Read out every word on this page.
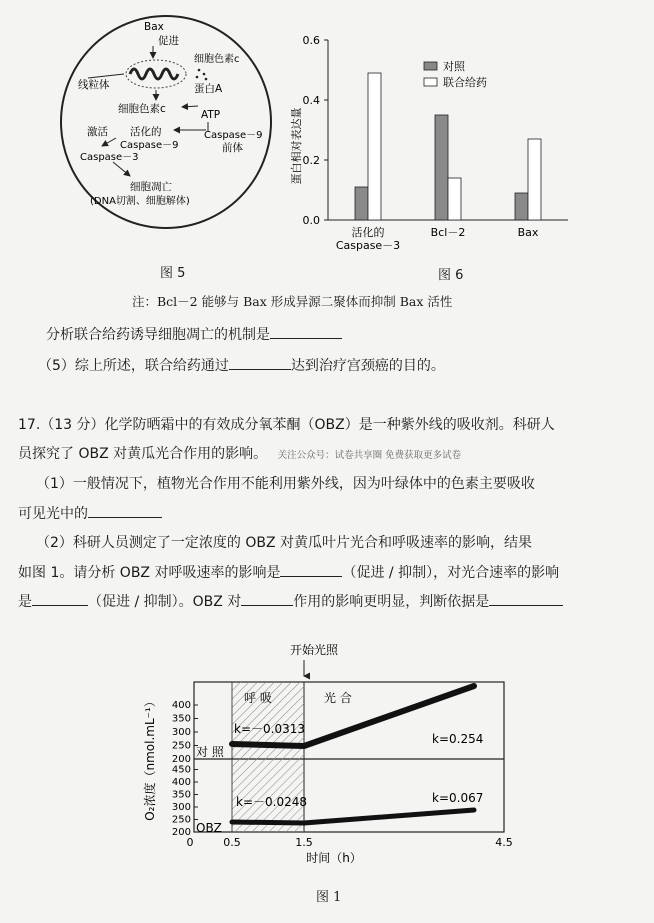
Bax
促进
细胞色素c
线粒体	蛋白A
细胞色素c	ATP
激活 活化的
Caspase－9
Caspase－9
前体
Caspase－3
细胞凋亡
(DNA切割、细胞解体)
图 5
蛋白相对表达量
0.0
0.2
0.4
0.6
活化的
Caspase－3
Bcl－2	Bax
对照
联合给药
图 6
注：Bcl－2 能够与 Bax 形成异源二聚体而抑制 Bax 活性
分析联合给药诱导细胞凋亡的机制是
（5）综上所述，联合给药通过	达到治疗宫颈癌的目的。
17.（13 分）化学防晒霜中的有效成分氧苯酮（OBZ）是一种紫外线的吸收剂。科研人
员探究了 OBZ 对黄瓜光合作用的影响。 关注公众号：试卷共享圈 免费获取更多试卷
（1）一般情况下，植物光合作用不能利用紫外线，因为叶绿体中的色素主要吸收
可见光中的
（2）科研人员测定了一定浓度的 OBZ 对黄瓜叶片光合和呼吸速率的影响，结果
如图 1。请分析 OBZ 对呼吸速率的影响是	（促进 / 抑制），对光合速率的影响
是	（促进 / 抑制）。OBZ 对	作用的影响更明显，判断依据是
开始光照
呼 吸	光 合
200
250
300
350
400
200
250
300
350
400
450
k=－0.0313
k=0.254
k=－0.0248	k=0.067
对 照
OBZ
O₂浓度（nmol.mL⁻¹）
0	0.5	1.5	4.5
时间（h）
图 1
